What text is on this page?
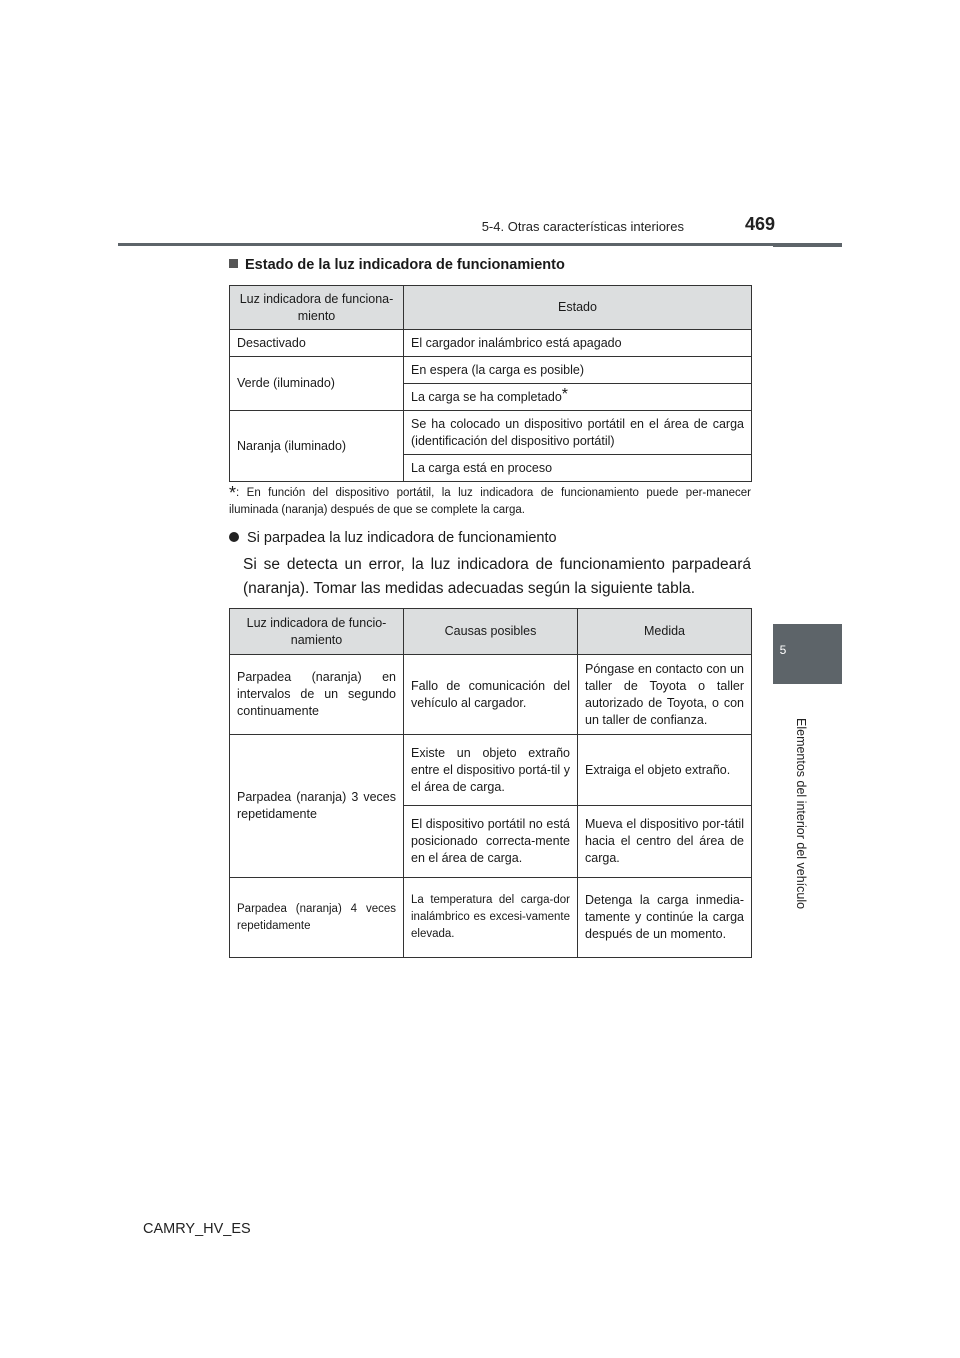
5-4. Otras características interiores	469
5
Elementos del interior del vehículo
Estado de la luz indicadora de funcionamiento
Luz indicadora de funciona-miento	Estado
Desactivado	El cargador inalámbrico está apagado
Verde (iluminado)	En espera (la carga es posible)
	La carga se ha completado*
Naranja (iluminado)	Se ha colocado un dispositivo portátil en el área de carga (identificación del dispositivo portátil)
	La carga está en proceso
*: En función del dispositivo portátil, la luz indicadora de funcionamiento puede per-manecer iluminada (naranja) después de que se complete la carga.
Si parpadea la luz indicadora de funcionamiento
Si se detecta un error, la luz indicadora de funcionamiento parpadeará (naranja). Tomar las medidas adecuadas según la siguiente tabla.
Luz indicadora de funcio-namiento	Causas posibles	Medida
Parpadea (naranja) en intervalos de un segundo continuamente	Fallo de comunicación del vehículo al cargador.	Póngase en contacto con un taller de Toyota o taller autorizado de Toyota, o con un taller de confianza.
Parpadea (naranja) 3 veces repetidamente	Existe un objeto extraño entre el dispositivo portá-til y el área de carga.	Extraiga el objeto extraño.
	El dispositivo portátil no está posicionado correcta-mente en el área de carga.	Mueva el dispositivo por-tátil hacia el centro del área de carga.
Parpadea (naranja) 4 veces repetidamente	La temperatura del carga-dor inalámbrico es excesi-vamente elevada.	Detenga la carga inmedia-tamente y continúe la carga después de un momento.
CAMRY_HV_ES
